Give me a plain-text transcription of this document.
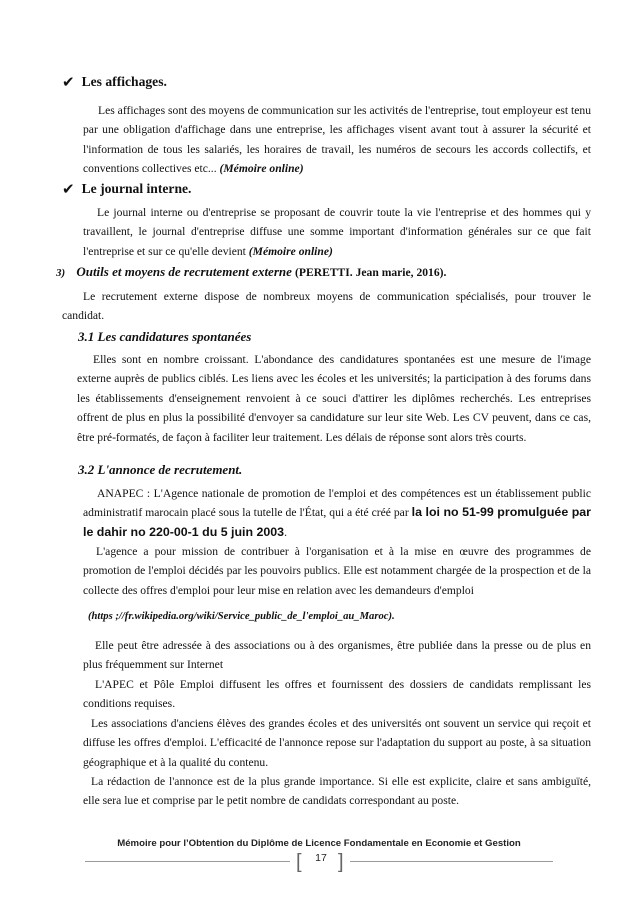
✔ Les affichages.
Les affichages sont des moyens de communication sur les activités de l'entreprise, tout employeur est tenu par une obligation d'affichage dans une entreprise, les affichages visent avant tout à assurer la sécurité et l'information de tous les salariés, les horaires de travail, les numéros de secours les accords collectifs, et conventions collectives etc... (Mémoire online)
✔ Le journal interne.
Le journal interne ou d'entreprise se proposant de couvrir toute la vie l'entreprise et des hommes qui y travaillent, le journal d'entreprise diffuse une somme important d'information générales sur ce que fait l'entreprise et sur ce qu'elle devient (Mémoire online)
3) Outils et moyens de recrutement externe (PERETTI. Jean marie, 2016).
Le recrutement externe dispose de nombreux moyens de communication spécialisés, pour trouver le candidat.
3.1 Les candidatures spontanées
Elles sont en nombre croissant. L'abondance des candidatures spontanées est une mesure de l'image externe auprès de publics ciblés. Les liens avec les écoles et les universités; la participation à des forums dans les établissements d'enseignement renvoient à ce souci d'attirer les diplômes recherchés. Les entreprises offrent de plus en plus la possibilité d'envoyer sa candidature sur leur site Web. Les CV peuvent, dans ce cas, être pré-formatés, de façon à faciliter leur traitement. Les délais de réponse sont alors très courts.
3.2 L'annonce de recrutement.
ANAPEC : L'Agence nationale de promotion de l'emploi et des compétences est un établissement public administratif marocain placé sous la tutelle de l'État, qui a été créé par la loi no 51-99 promulguée par le dahir no 220-00-1 du 5 juin 2003.
L'agence a pour mission de contribuer à l'organisation et à la mise en œuvre des programmes de promotion de l'emploi décidés par les pouvoirs publics. Elle est notamment chargée de la prospection et de la collecte des offres d'emploi pour leur mise en relation avec les demandeurs d'emploi
(https ;//fr.wikipedia.org/wiki/Service_public_de_l'emploi_au_Maroc).
Elle peut être adressée à des associations ou à des organismes, être publiée dans la presse ou de plus en plus fréquemment sur Internet
L'APEC et Pôle Emploi diffusent les offres et fournissent des dossiers de candidats remplissant les conditions requises.
Les associations d'anciens élèves des grandes écoles et des universités ont souvent un service qui reçoit et diffuse les offres d'emploi. L'efficacité de l'annonce repose sur l'adaptation du support au poste, à sa situation géographique et à la qualité du contenu.
La rédaction de l'annonce est de la plus grande importance. Si elle est explicite, claire et sans ambiguïté, elle sera lue et comprise par le petit nombre de candidats correspondant au poste.
Mémoire pour l’Obtention du Diplôme de Licence Fondamentale en Economie et Gestion
[	17 ]
